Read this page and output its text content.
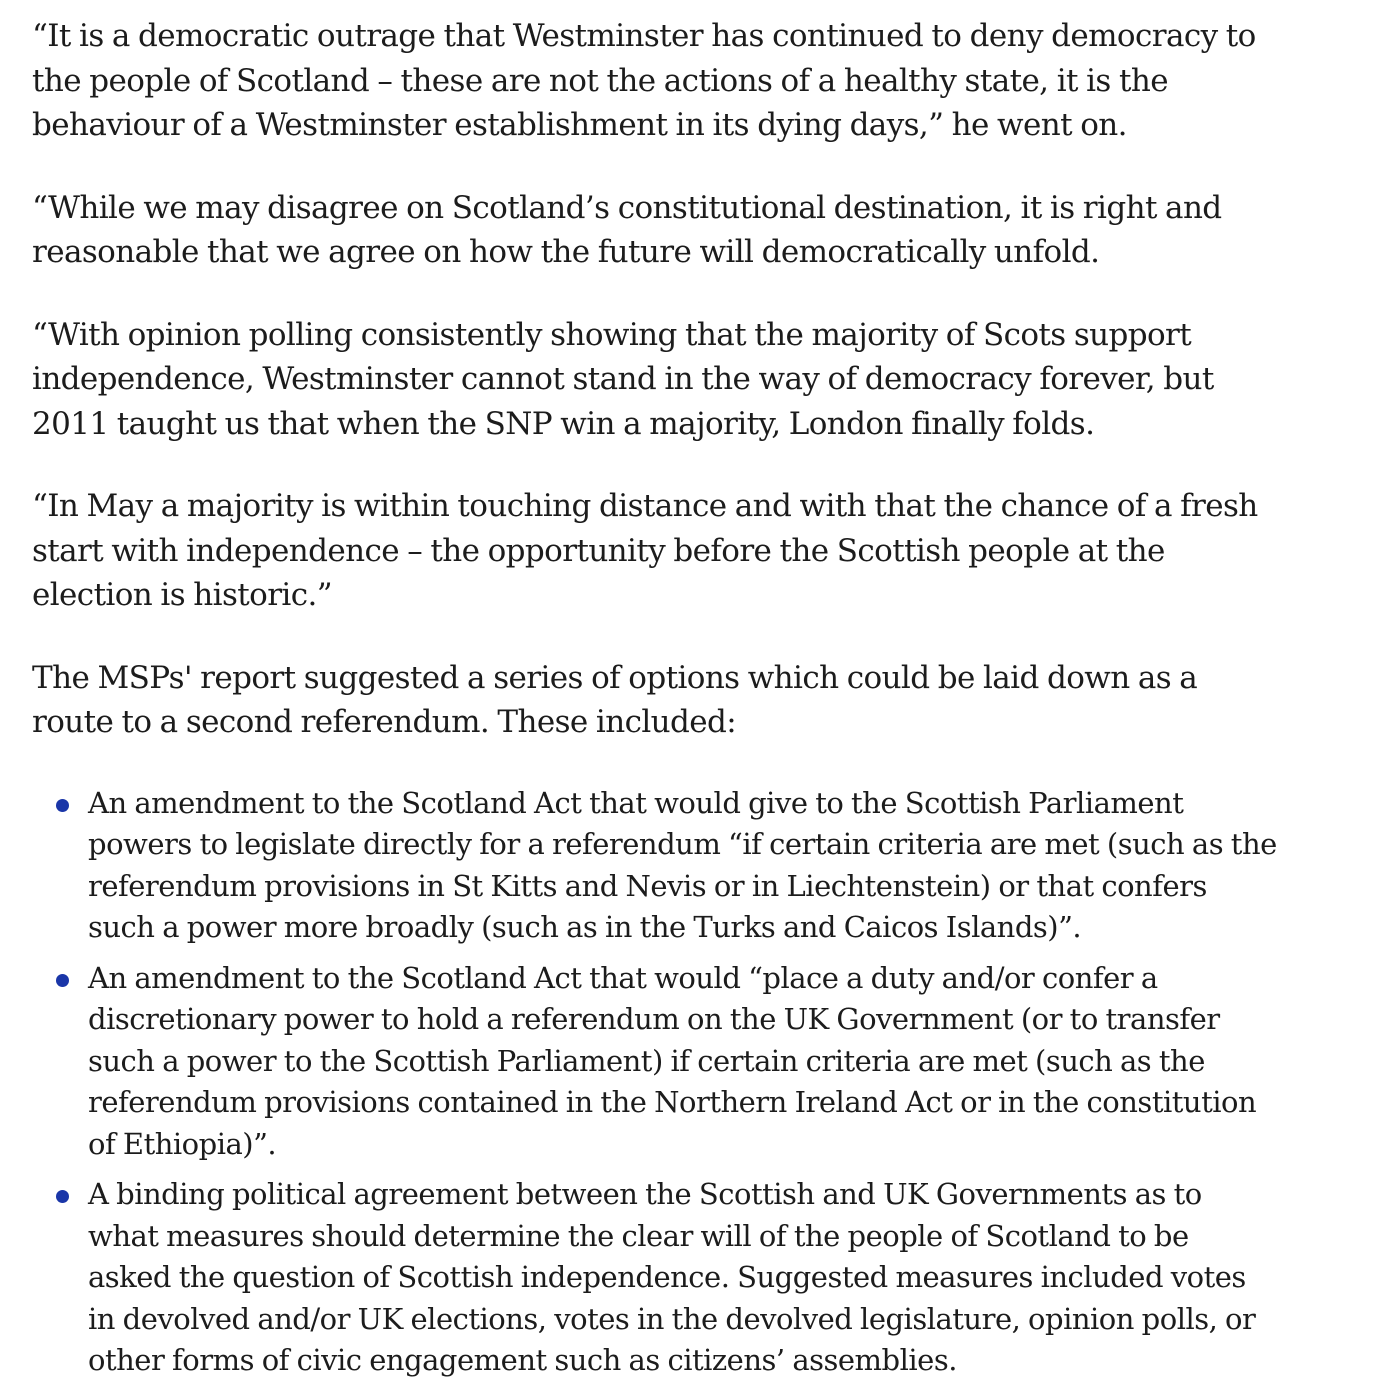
“It is a democratic outrage that Westminster has continued to deny democracy to the people of Scotland – these are not the actions of a healthy state, it is the behaviour of a Westminster establishment in its dying days,” he went on.

“While we may disagree on Scotland’s constitutional destination, it is right and reasonable that we agree on how the future will democratically unfold.

“With opinion polling consistently showing that the majority of Scots support independence, Westminster cannot stand in the way of democracy forever, but 2011 taught us that when the SNP win a majority, London finally folds.

“In May a majority is within touching distance and with that the chance of a fresh start with independence – the opportunity before the Scottish people at the election is historic.”

The MSPs' report suggested a series of options which could be laid down as a route to a second referendum. These included:

An amendment to the Scotland Act that would give to the Scottish Parliament powers to legislate directly for a referendum “if certain criteria are met (such as the referendum provisions in St Kitts and Nevis or in Liechtenstein) or that confers such a power more broadly (such as in the Turks and Caicos Islands)”.
An amendment to the Scotland Act that would “place a duty and/or confer a discretionary power to hold a referendum on the UK Government (or to transfer such a power to the Scottish Parliament) if certain criteria are met (such as the referendum provisions contained in the Northern Ireland Act or in the constitution of Ethiopia)”.
A binding political agreement between the Scottish and UK Governments as to what measures should determine the clear will of the people of Scotland to be asked the question of Scottish independence. Suggested measures included votes in devolved and/or UK elections, votes in the devolved legislature, opinion polls, or other forms of civic engagement such as citizens’ assemblies.
